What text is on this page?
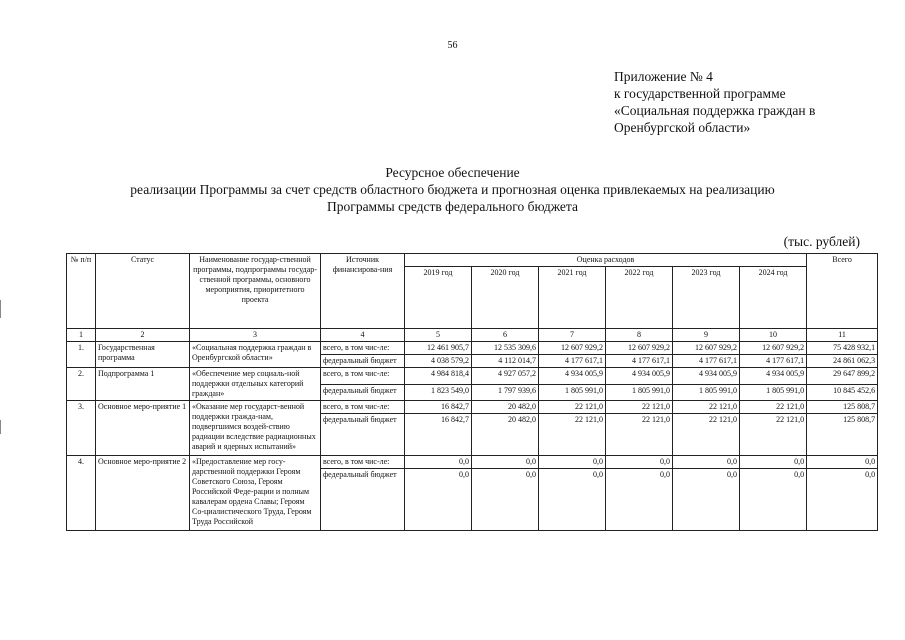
56
Приложение № 4
к государственной программе
«Социальная поддержка граждан в
Оренбургской области»
Ресурсное обеспечение
реализации Программы за счет средств областного бюджета и прогнозная оценка привлекаемых на реализацию
Программы средств федерального бюджета
(тыс. рублей)
№ п/п	Статус	Наименование государ-ственной программы, подпрограммы государ-ственной программы, основного мероприятия, приоритетного проекта	Источник финансирова-ния	Оценка расходов						Всего
				2019 год	2020 год	2021 год	2022 год	2023 год	2024 год	
1	2	3	4	5	6	7	8	9	10	11
1.	Государственная программа	«Социальная поддержка граждан в Оренбургской области»	всего, в том чис-ле:	12 461 905,7	12 535 309,6	12 607 929,2	12 607 929,2	12 607 929,2	12 607 929,2	75 428 932,1
			федеральный бюджет	4 038 579,2	4 112 014,7	4 177 617,1	4 177 617,1	4 177 617,1	4 177 617,1	24 861 062,3
2.	Подпрограмма 1	«Обеспечение мер социаль-ной поддержки отдельных категорий граждан»	всего, в том чис-ле:	4 984 818,4	4 927 057,2	4 934 005,9	4 934 005,9	4 934 005,9	4 934 005,9	29 647 899,2
			федеральный бюджет	1 823 549,0	1 797 939,6	1 805 991,0	1 805 991,0	1 805 991,0	1 805 991,0	10 845 452,6
3.	Основное меро-приятие 1	«Оказание мер государст-венной поддержки гражда-нам, подвергшимся воздей-ствию радиации вследствие радиационных аварий и ядерных испытаний»	всего, в том чис-ле:	16 842,7	20 482,0	22 121,0	22 121,0	22 121,0	22 121,0	125 808,7
			федеральный бюджет	16 842,7	20 482,0	22 121,0	22 121,0	22 121,0	22 121,0	125 808,7
4.	Основное меро-приятие 2	«Предоставление мер госу-дарственной поддержки Героям Советского Союза, Героям Российской Феде-рации и полным кавалерам ордена Славы; Героям Со-циалистического Труда, Героям Труда Российской	всего, в том чис-ле:	0,0	0,0	0,0	0,0	0,0	0,0	0,0
			федеральный бюджет	0,0	0,0	0,0	0,0	0,0	0,0	0,0
